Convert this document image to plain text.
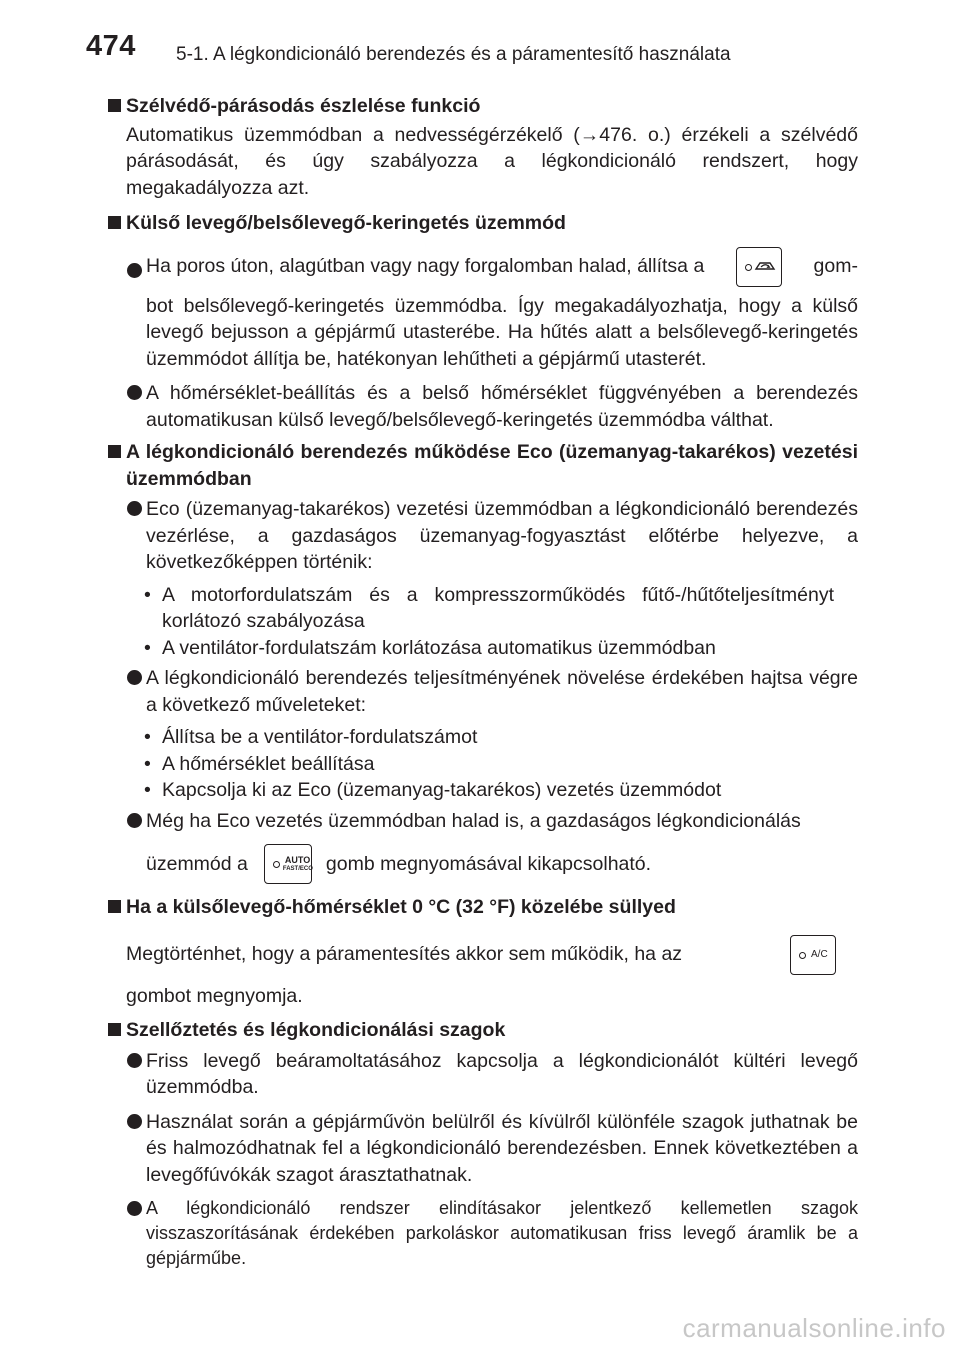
474 5-1. A légkondicionáló berendezés és a páramentesítő használata
Szélvédő-párásodás észlelése funkció
Automatikus üzemmódban a nedvességérzékelő (→476. o.) érzékeli a szélvédő párásodását, és úgy szabályozza a légkondicionáló rendszert, hogy megakadályozza azt.
Külső levegő/belsőlevegő-keringetés üzemmód
Ha poros úton, alagútban vagy nagy forgalomban halad, állítsa a	gom-
bot belsőlevegő-keringetés üzemmódba. Így megakadályozhatja, hogy a külső levegő bejusson a gépjármű utasterébe. Ha hűtés alatt a belsőlevegő-keringetés üzemmódot állítja be, hatékonyan lehűtheti a gépjármű utasterét.
A hőmérséklet-beállítás és a belső hőmérséklet függvényében a berendezés automatikusan külső levegő/belsőlevegő-keringetés üzemmódba válthat.
A légkondicionáló berendezés működése Eco (üzemanyag-takarékos) vezetési üzemmódban
Eco (üzemanyag-takarékos) vezetési üzemmódban a légkondicionáló berendezés vezérlése, a gazdaságos üzemanyag-fogyasztást előtérbe helyezve, a következőképpen történik:
• A motorfordulatszám és a kompresszorműködés fűtő-/hűtőteljesítményt korlátozó szabályozása
• A ventilátor-fordulatszám korlátozása automatikus üzemmódban
A légkondicionáló berendezés teljesítményének növelése érdekében hajtsa végre a következő műveleteket:
• Állítsa be a ventilátor-fordulatszámot
• A hőmérséklet beállítása
• Kapcsolja ki az Eco (üzemanyag-takarékos) vezetés üzemmódot
Még ha Eco vezetés üzemmódban halad is, a gazdaságos légkondicionálás
üzemmód a	AUTO
FAST/ECO gomb megnyomásával kikapcsolható.
Ha a külsőlevegő-hőmérséklet 0 °C (32 °F) közelébe süllyed
Megtörténhet, hogy a páramentesítés akkor sem működik, ha az	A/C
gombot megnyomja.
Szellőztetés és légkondicionálási szagok
Friss levegő beáramoltatásához kapcsolja a légkondicionálót kültéri levegő üzemmódba.
Használat során a gépjárművön belülről és kívülről különféle szagok juthatnak be és halmozódhatnak fel a légkondicionáló berendezésben. Ennek következtében a levegőfúvókák szagot árasztathatnak.
A légkondicionáló rendszer elindításakor jelentkező kellemetlen szagok visszaszorításának érdekében parkoláskor automatikusan friss levegő áramlik be a gépjárműbe.
carmanualsonline.info
